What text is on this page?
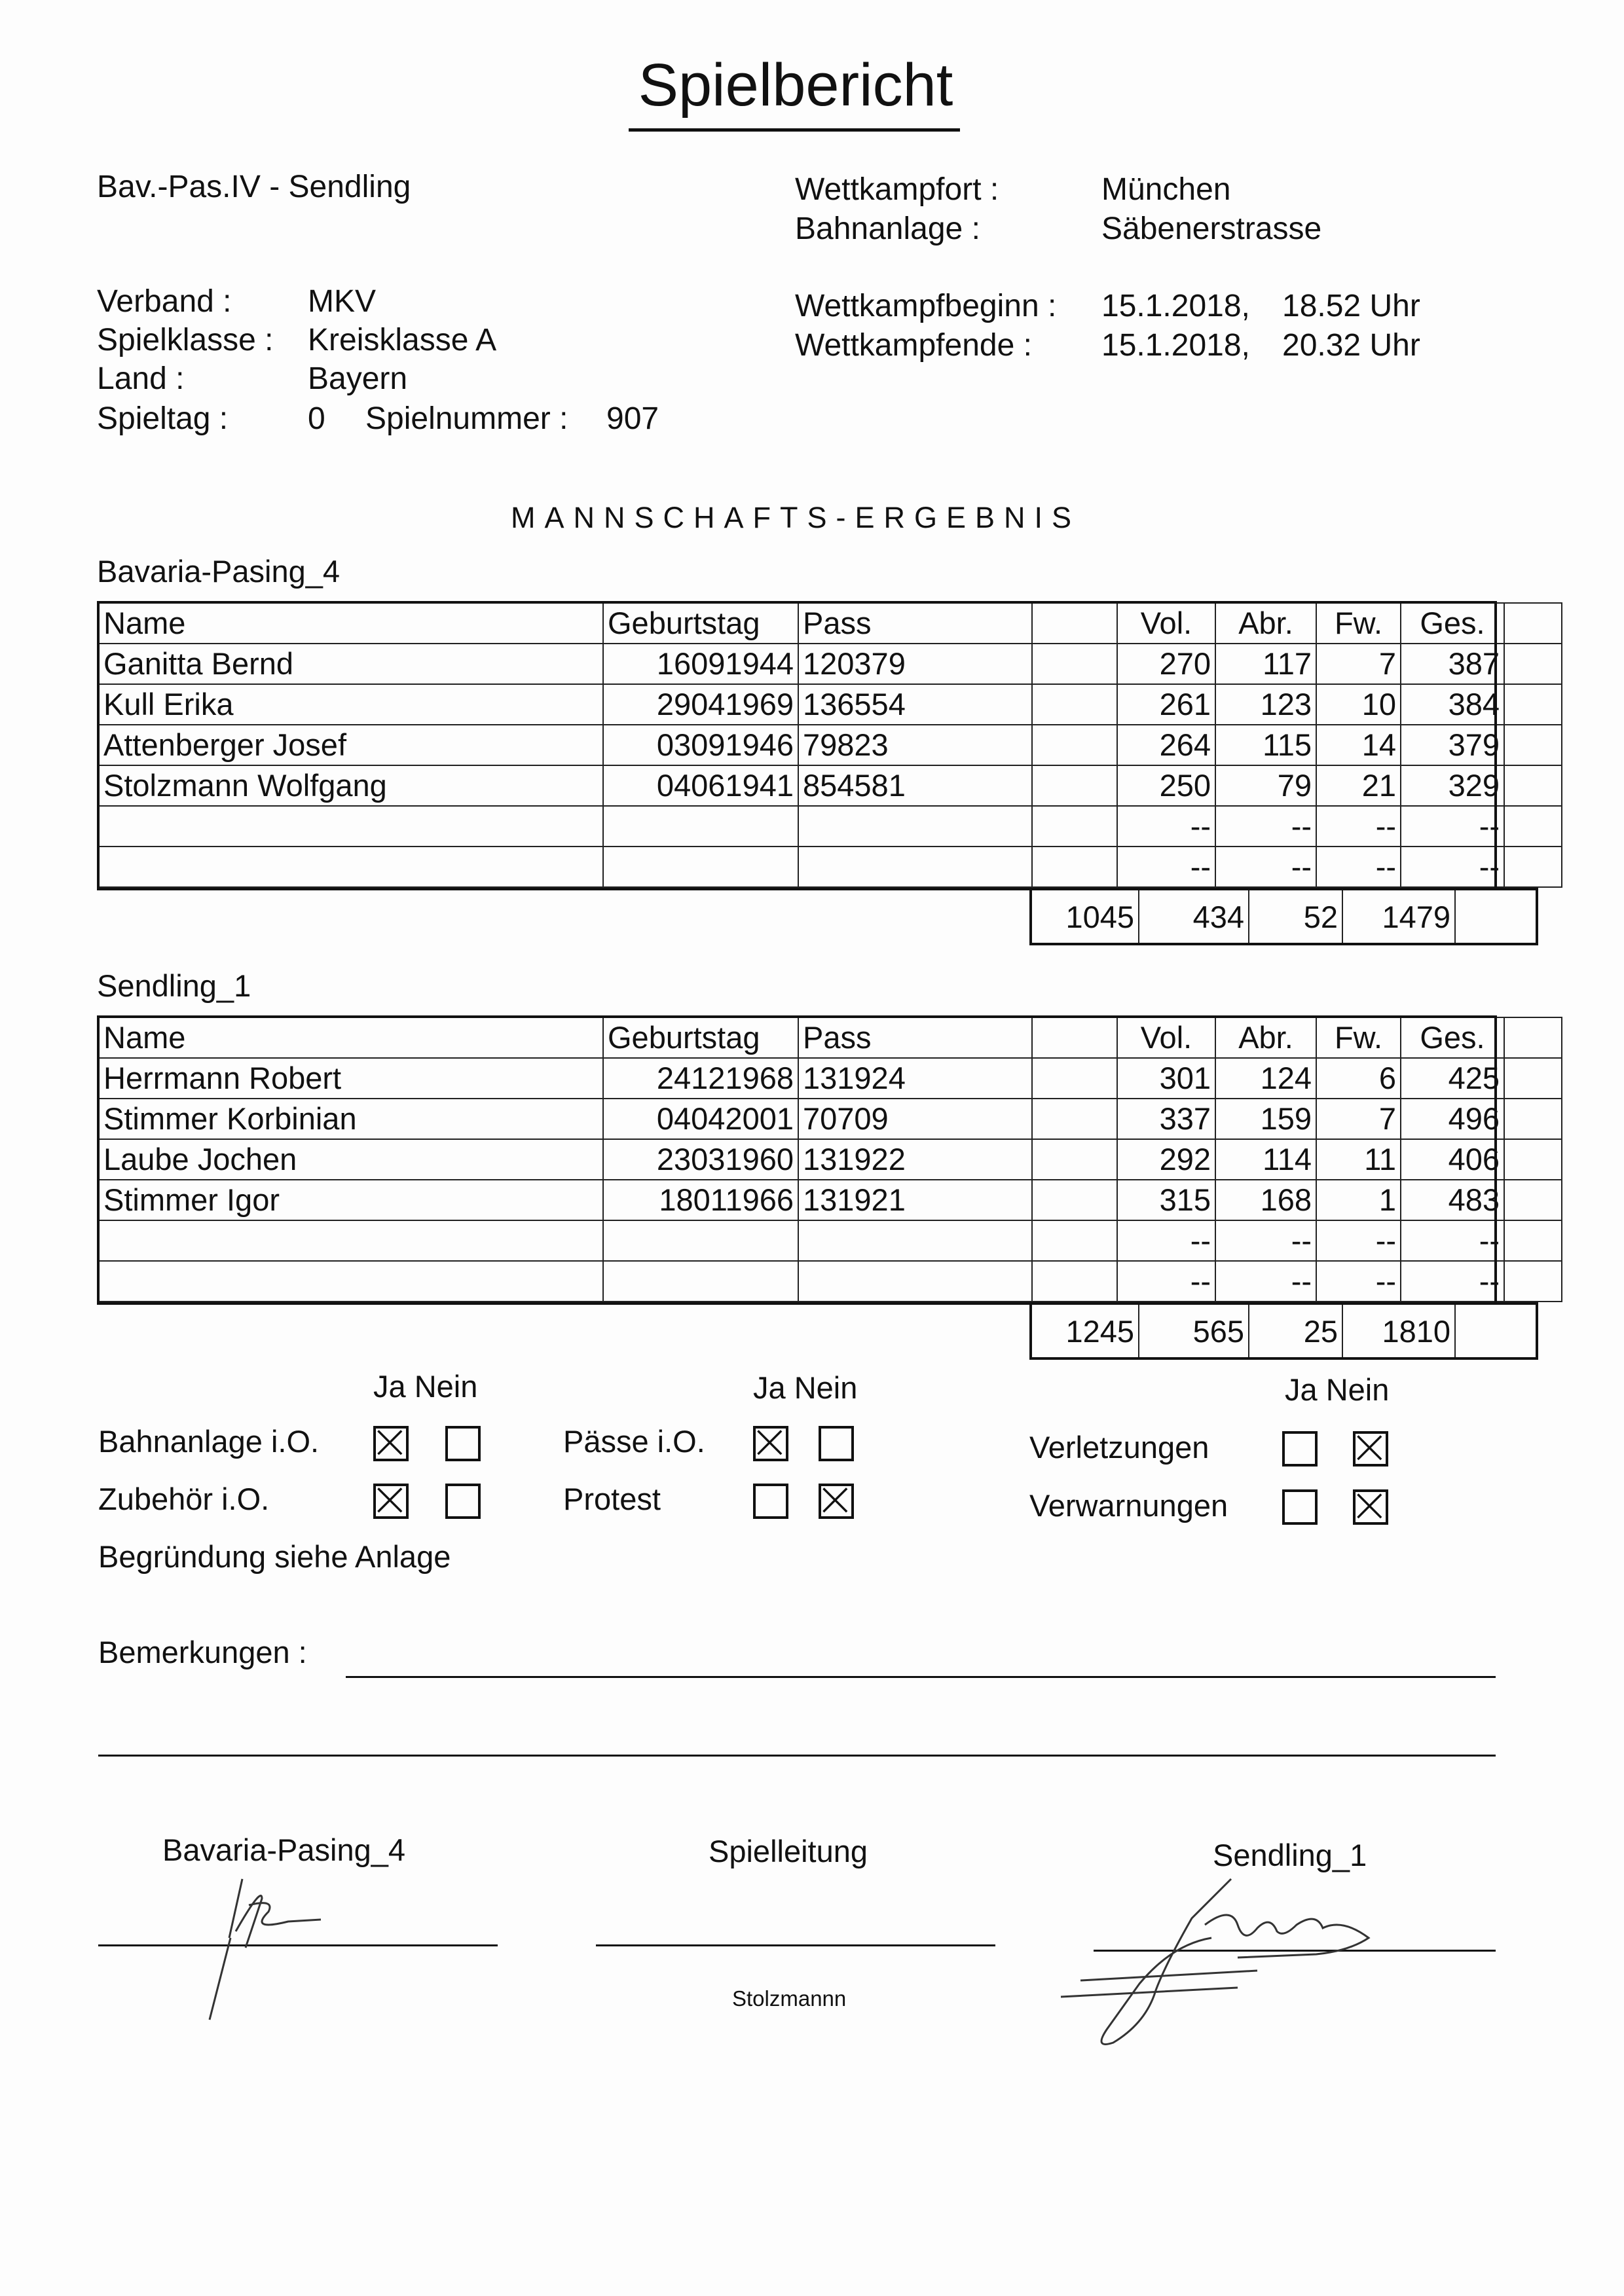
Spielbericht
Bav.-Pas.IV - Sendling
Verband : MKV
Spielklasse : Kreisklasse A
Land :	Bayern
Spieltag :	0 Spielnummer : 907
Wettkampfort :	München
Bahnanlage :	Säbenerstrasse
Wettkampfbeginn : 15.1.2018, 18.52 Uhr
Wettkampfende : 15.1.2018, 20.32 Uhr
MANNSCHAFTS-ERGEBNIS
Bavaria-Pasing_4
Name	Geburtstag	Pass		Vol.	Abr.	Fw.	Ges.	
Ganitta Bernd	16091944	120379		270	117	7	387	
Kull Erika	29041969	136554		261	123	10	384	
Attenberger Josef	03091946	79823		264	115	14	379	
Stolzmann Wolfgang	04061941	854581		250	79	21	329	
				--	--	--	--	
				--	--	--	--	
1045	434	52	1479	
Sendling_1
Name	Geburtstag	Pass		Vol.	Abr.	Fw.	Ges.	
Herrmann Robert	24121968	131924		301	124	6	425	
Stimmer Korbinian	04042001	70709		337	159	7	496	
Laube Jochen	23031960	131922		292	114	11	406	
Stimmer Igor	18011966	131921		315	168	1	483	
				--	--	--	--	
				--	--	--	--	
1245	565	25	1810	
Ja Nein	Ja Nein	Ja Nein
Bahnanlage i.O.
Zubehör i.O.
Pässe i.O.
Protest
Verletzungen
Verwarnungen
Begründung siehe Anlage
Bemerkungen :
Bavaria-Pasing_4	Spielleitung	Sendling_1
Stolzmannn
